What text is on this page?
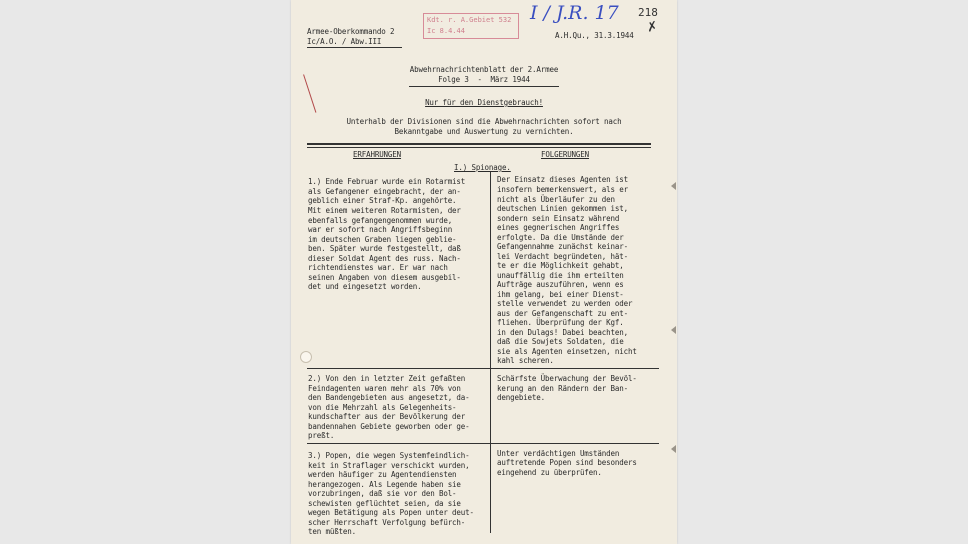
Armee-Oberkommando 2
Ic/A.O. / Abw.III
Kdt. r. A.Gebiet 532
Ic 8.4.44
I / J.R. 17 218
✗
A.H.Qu., 31.3.1944
Abwehrnachrichtenblatt der 2.Armee
Folge 3  -  März 1944
Nur für den Dienstgebrauch!
Unterhalb der Divisionen sind die Abwehrnachrichten sofort nach
Bekanntgabe und Auswertung zu vernichten.
ERFAHRUNGEN	FOLGERUNGEN
I.) Spionage.
1.) Ende Februar wurde ein Rotarmist
als Gefangener eingebracht, der an-
geblich einer Straf-Kp. angehörte.
Mit einem weiteren Rotarmisten, der
ebenfalls gefangengenommen wurde,
war er sofort nach Angriffsbeginn
im deutschen Graben liegen geblie-
ben. Später wurde festgestellt, daß
dieser Soldat Agent des russ. Nach-
richtendienstes war. Er war nach
seinen Angaben von diesem ausgebil-
det und eingesetzt worden.
Der Einsatz dieses Agenten ist
insofern bemerkenswert, als er
nicht als Überläufer zu den
deutschen Linien gekommen ist,
sondern sein Einsatz während
eines gegnerischen Angriffes
erfolgte. Da die Umstände der
Gefangennahme zunächst keinar-
lei Verdacht begründeten, hät-
te er die Möglichkeit gehabt,
unauffällig die ihm erteilten
Aufträge auszuführen, wenn es
ihm gelang, bei einer Dienst-
stelle verwendet zu werden oder
aus der Gefangenschaft zu ent-
fliehen. Überprüfung der Kgf.
in den Dulags! Dabei beachten,
daß die Sowjets Soldaten, die
sie als Agenten einsetzen, nicht
kahl scheren.
2.) Von den in letzter Zeit gefaßten
Feindagenten waren mehr als 70% von
den Bandengebieten aus angesetzt, da-
von die Mehrzahl als Gelegenheits-
kundschafter aus der Bevölkerung der
bandennahen Gebiete geworben oder ge-
preßt.
Schärfste Überwachung der Bevöl-
kerung an den Rändern der Ban-
dengebiete.
3.) Popen, die wegen Systemfeindlich-
keit in Straflager verschickt wurden,
werden häufiger zu Agentendiensten
herangezogen. Als Legende haben sie
vorzubringen, daß sie vor den Bol-
schewisten geflüchtet seien, da sie
wegen Betätigung als Popen unter deut-
scher Herrschaft Verfolgung befürch-
ten müßten.
Unter verdächtigen Umständen
auftretende Popen sind besonders
eingehend zu überprüfen.
